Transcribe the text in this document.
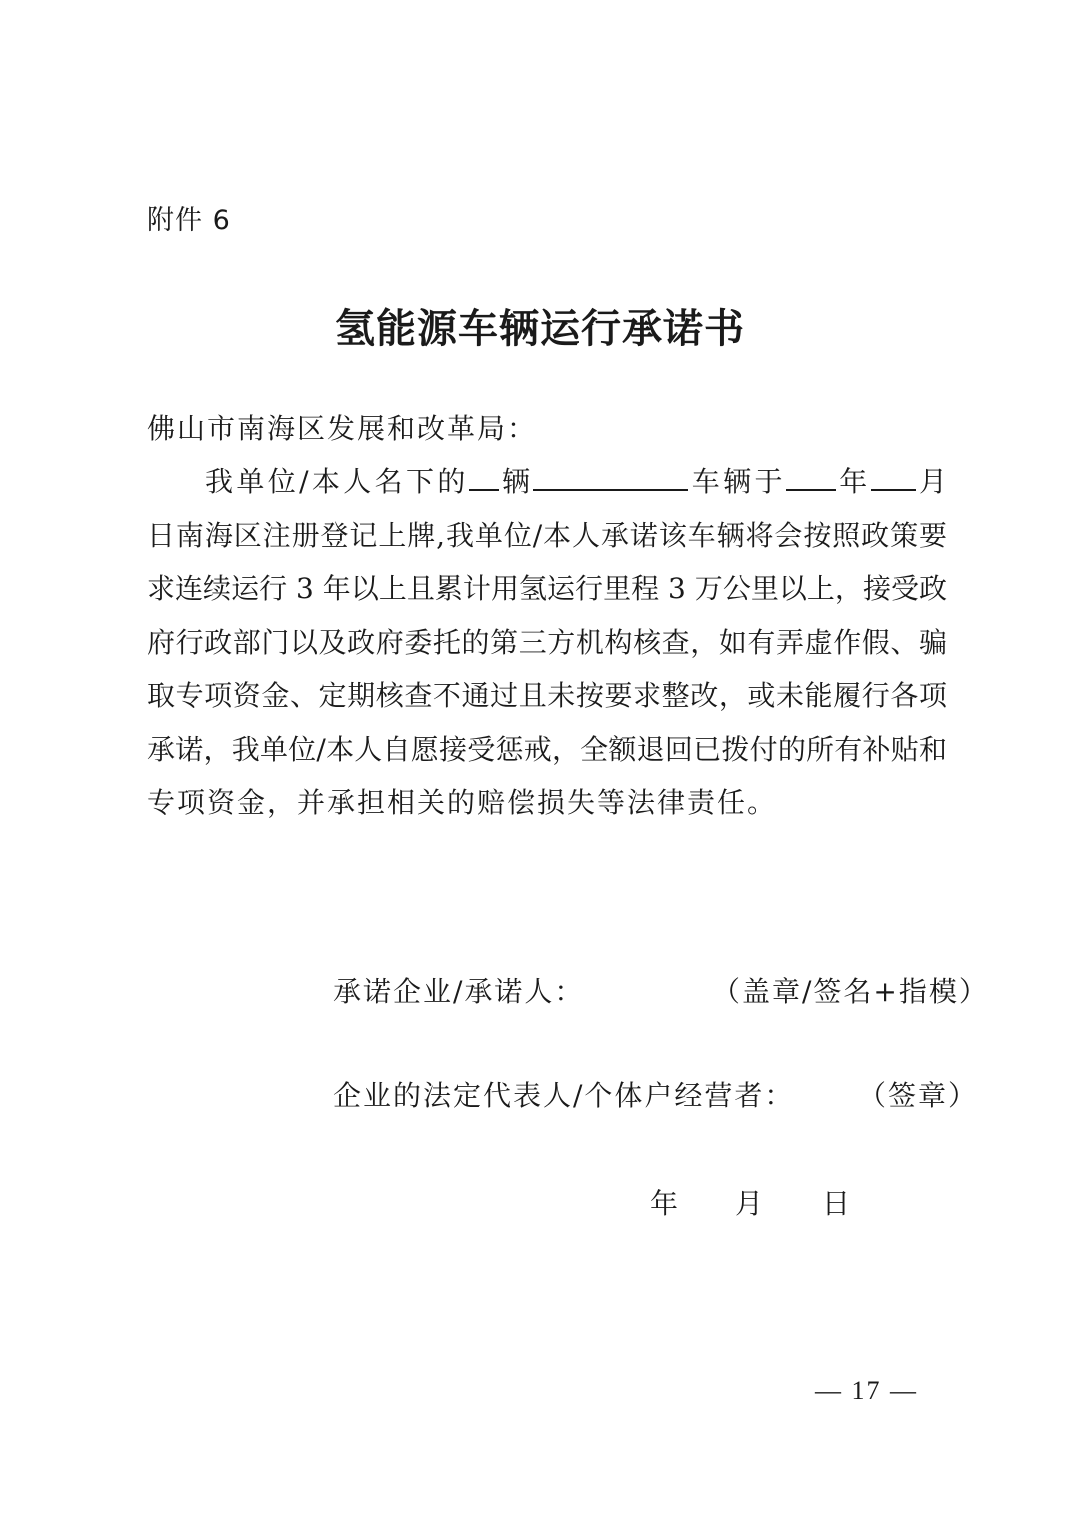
附件 6
氢能源车辆运行承诺书
佛山市南海区发展和改革局：
我单位/本人名下的 辆	车辆于 年 月
日南海区注册登记上牌,我单位/本人承诺该车辆将会按照政策要
求连续运行 3 年以上且累计用氢运行里程 3 万公里以上，接受政
府行政部门以及政府委托的第三方机构核查，如有弄虚作假、骗
取专项资金、定期核查不通过且未按要求整改，或未能履行各项
承诺，我单位/本人自愿接受惩戒，全额退回已拨付的所有补贴和
专项资金，并承担相关的赔偿损失等法律责任。
承诺企业/承诺人：	（盖章/签名+指模）
企业的法定代表人/个体户经营者： （签章）
年 月 日
— 17 —
